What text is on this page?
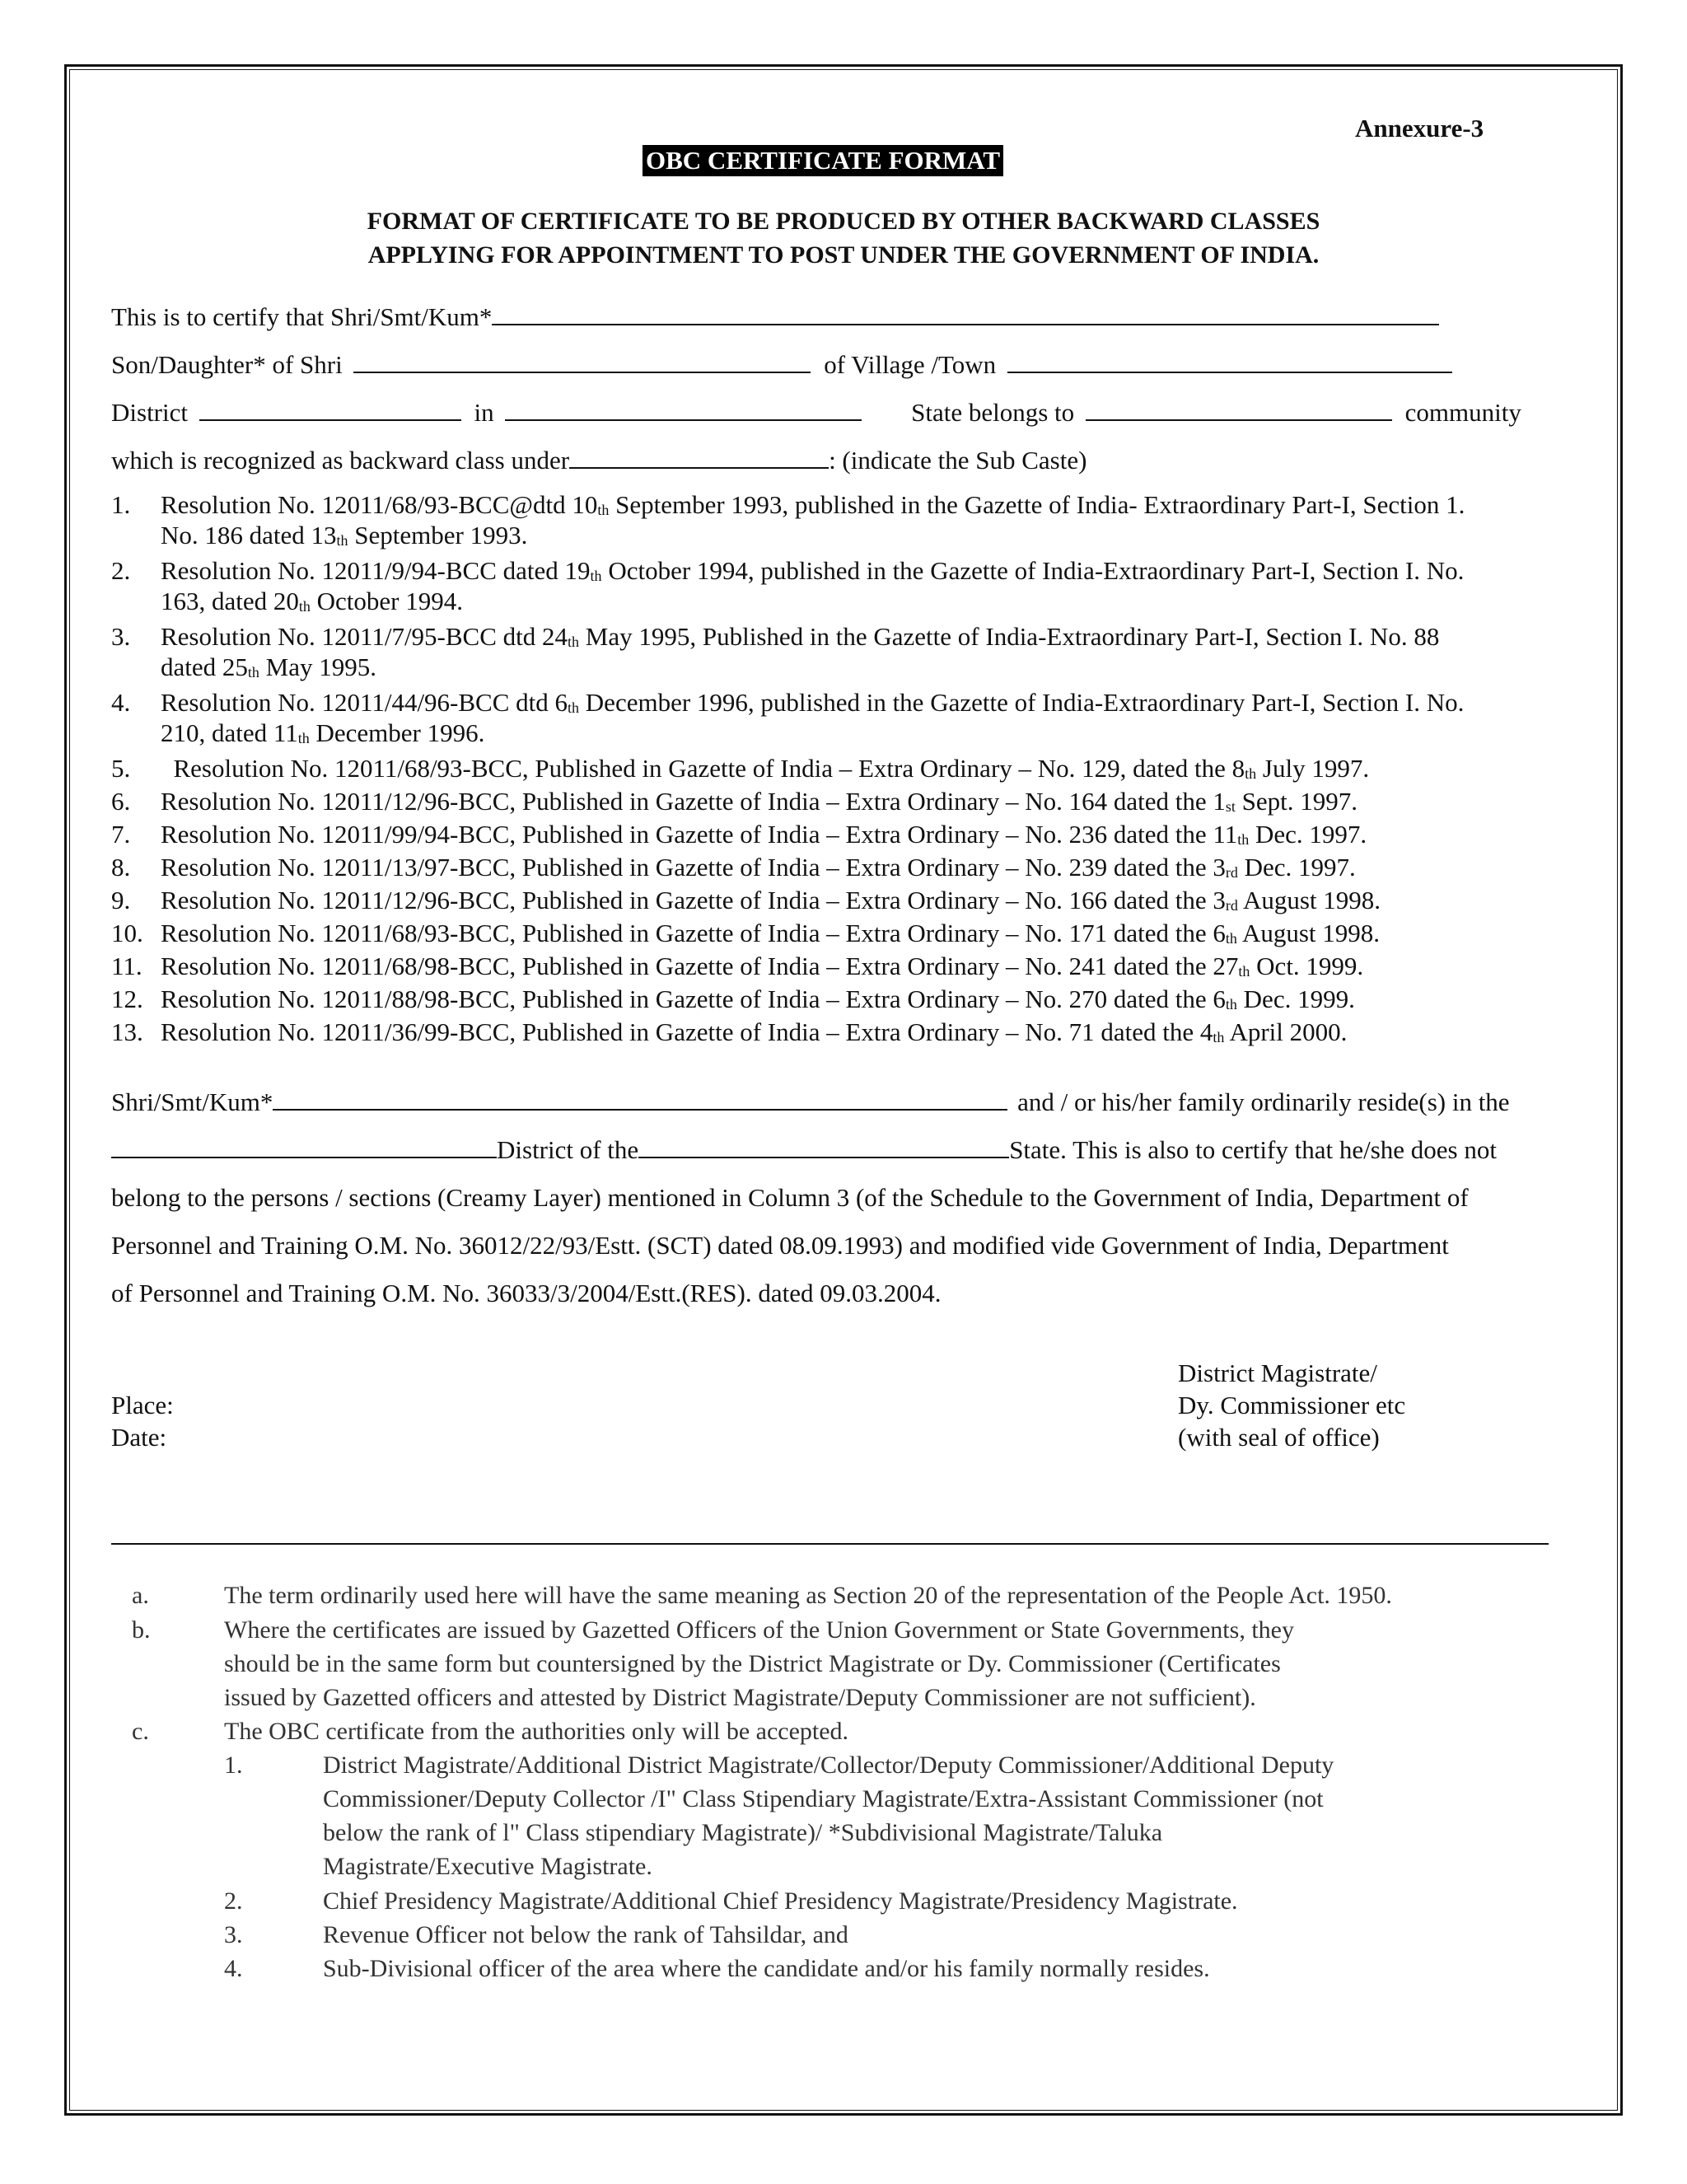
Annexure-3
OBC CERTIFICATE FORMAT
FORMAT OF CERTIFICATE TO BE PRODUCED BY OTHER BACKWARD CLASSES
APPLYING FOR APPOINTMENT TO POST UNDER THE GOVERNMENT OF INDIA.
This is to certify that Shri/Smt/Kum*
Son/Daughter* of Shri	of Village /Town
District	in	State belongs to	community
which is recognized as backward class under	: (indicate the Sub Caste)
1. Resolution No. 12011/68/93-BCC@dtd $10_{th}$ September 1993, published in the Gazette of India- Extraordinary Part-I, Section 1.
No. 186 dated $13_{th}$ September 1993.
2. Resolution No. 12011/9/94-BCC dated $19_{th}$ October 1994, published in the Gazette of India-Extraordinary Part-I, Section I. No.
163, dated $20_{th}$ October 1994.
3. Resolution No. 12011/7/95-BCC dtd $24_{th}$ May 1995, Published in the Gazette of India-Extraordinary Part-I, Section I. No. 88
dated $25_{th}$ May 1995.
4. Resolution No. 12011/44/96-BCC dtd $6_{th}$ December 1996, published in the Gazette of India-Extraordinary Part-I, Section I. No.
210, dated $11_{th}$ December 1996.
5. Resolution No. 12011/68/93-BCC, Published in Gazette of India – Extra Ordinary – No. 129, dated the $8_{th}$ July 1997.
6. Resolution No. 12011/12/96-BCC, Published in Gazette of India – Extra Ordinary – No. 164 dated the $1_{st}$ Sept. 1997.
7. Resolution No. 12011/99/94-BCC, Published in Gazette of India – Extra Ordinary – No. 236 dated the $11_{th}$ Dec. 1997.
8. Resolution No. 12011/13/97-BCC, Published in Gazette of India – Extra Ordinary – No. 239 dated the $3_{rd}$ Dec. 1997.
9. Resolution No. 12011/12/96-BCC, Published in Gazette of India – Extra Ordinary – No. 166 dated the $3_{rd}$ August 1998.
10. Resolution No. 12011/68/93-BCC, Published in Gazette of India – Extra Ordinary – No. 171 dated the $6_{th}$ August 1998.
11. Resolution No. 12011/68/98-BCC, Published in Gazette of India – Extra Ordinary – No. 241 dated the $27_{th}$ Oct. 1999.
12. Resolution No. 12011/88/98-BCC, Published in Gazette of India – Extra Ordinary – No. 270 dated the $6_{th}$ Dec. 1999.
13. Resolution No. 12011/36/99-BCC, Published in Gazette of India – Extra Ordinary – No. 71 dated the $4_{th}$ April 2000.
Shri/Smt/Kum*	and / or his/her family ordinarily reside(s) in the
District of the	State. This is also to certify that he/she does not
belong to the persons / sections (Creamy Layer) mentioned in Column 3 (of the Schedule to the Government of India, Department of
Personnel and Training O.M. No. 36012/22/93/Estt. (SCT) dated 08.09.1993) and modified vide Government of India, Department
of Personnel and Training O.M. No. 36033/3/2004/Estt.(RES). dated 09.03.2004.
Place:
Date:
District Magistrate/
Dy. Commissioner etc
(with seal of office)
a.	The term ordinarily used here will have the same meaning as Section 20 of the representation of the People Act. 1950.
b.	Where the certificates are issued by Gazetted Officers of the Union Government or State Governments, they
should be in the same form but countersigned by the District Magistrate or Dy. Commissioner (Certificates
issued by Gazetted officers and attested by District Magistrate/Deputy Commissioner are not sufficient).
c.	The OBC certificate from the authorities only will be accepted.
1.	District Magistrate/Additional District Magistrate/Collector/Deputy Commissioner/Additional Deputy
Commissioner/Deputy Collector /I" Class Stipendiary Magistrate/Extra-Assistant Commissioner (not
below the rank of l" Class stipendiary Magistrate)/ *Subdivisional Magistrate/Taluka
Magistrate/Executive Magistrate.
2.	Chief Presidency Magistrate/Additional Chief Presidency Magistrate/Presidency Magistrate.
3.	Revenue Officer not below the rank of Tahsildar, and
4.	Sub-Divisional officer of the area where the candidate and/or his family normally resides.
